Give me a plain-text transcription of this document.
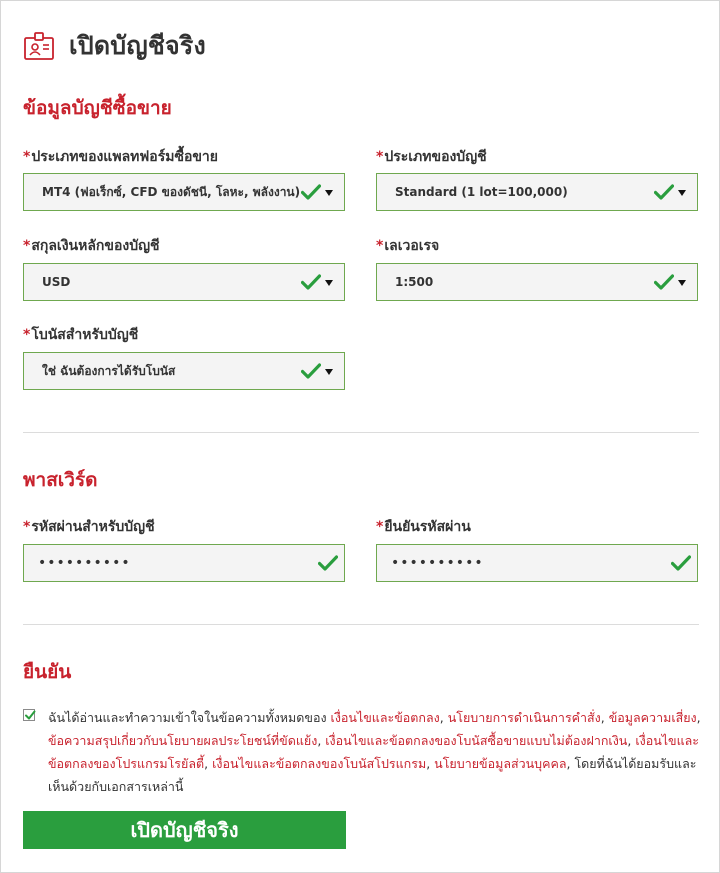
เปิดบัญชีจริง
ข้อมูลบัญชีซื้อขาย
*ประเภทของแพลทฟอร์มซื้อขาย
MT4 (ฟอเร็กซ์, CFD ของดัชนี, โลหะ, พลังงาน)
*ประเภทของบัญชี
Standard (1 lot=100,000)
*สกุลเงินหลักของบัญชี
USD
*เลเวอเรจ
1:500
*โบนัสสำหรับบัญชี
ใช่ ฉันต้องการได้รับโบนัส
พาสเวิร์ด
*รหัสผ่านสำหรับบัญชี
••••••••••
*ยืนยันรหัสผ่าน
••••••••••
ยืนยัน
ฉันได้อ่านและทำความเข้าใจในข้อความทั้งหมดของ เงื่อนไขและข้อตกลง, นโยบายการดำเนินการคำสั่ง, ข้อมูลความเสี่ยง, ข้อความสรุปเกี่ยวกับนโยบายผลประโยชน์ที่ขัดแย้ง, เงื่อนไขและข้อตกลงของโบนัสซื้อขายแบบไม่ต้องฝากเงิน, เงื่อนไขและข้อตกลงของโปรแกรมโรยัลตี้, เงื่อนไขและข้อตกลงของโบนัสโปรแกรม, นโยบายข้อมูลส่วนบุคคล, โดยที่ฉันได้ยอมรับและเห็นด้วยกับเอกสารเหล่านี้
เปิดบัญชีจริง
